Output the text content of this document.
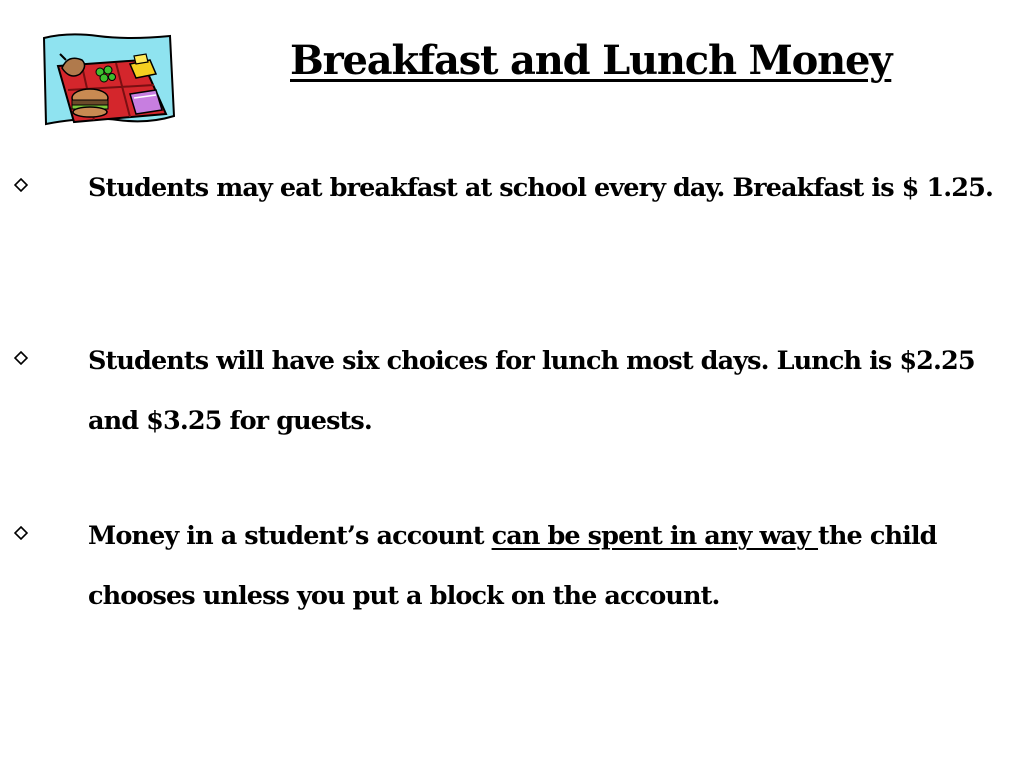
Breakfast and Lunch Money

Students may eat breakfast at school every day. Breakfast is $ 1.25.

Students will have six choices for lunch most days. Lunch is $2.25 and $3.25 for guests.

Money in a student’s account can be spent in any way the child chooses unless you put a block on the account.
